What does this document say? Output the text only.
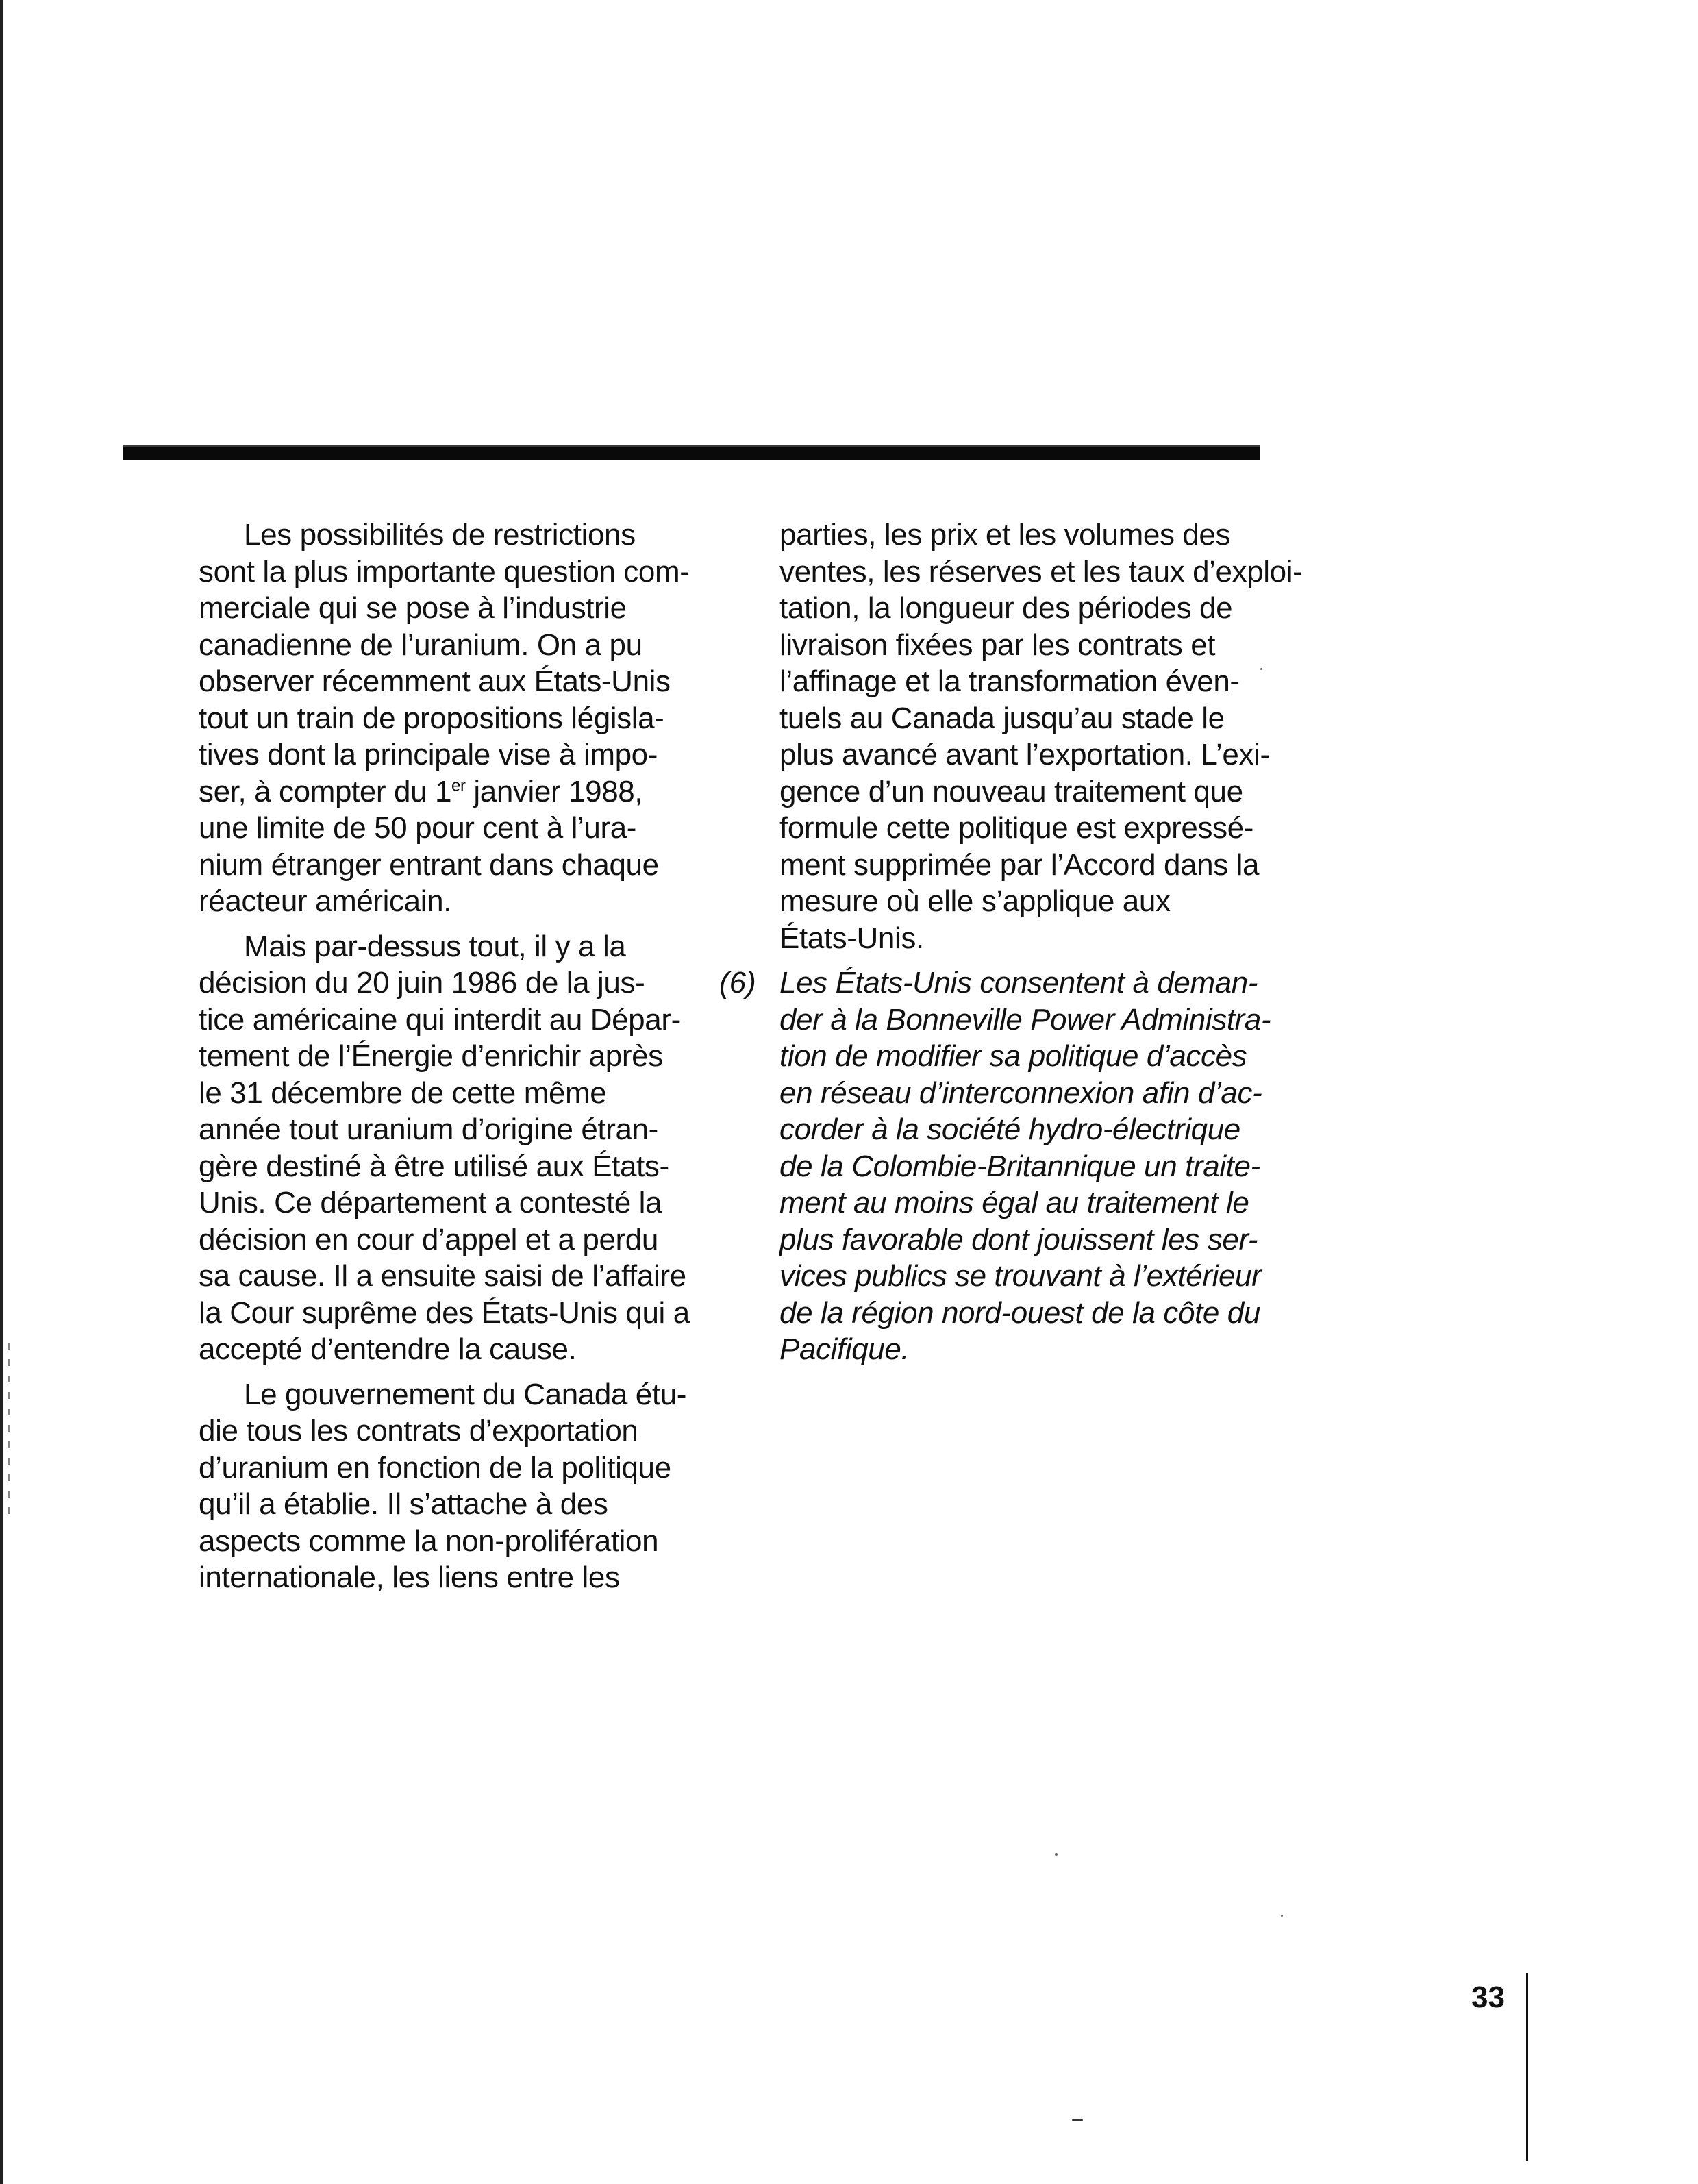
Les possibilités de restrictions
sont la plus importante question com-
merciale qui se pose à l’industrie
canadienne de l’uranium. On a pu
observer récemment aux États-Unis
tout un train de propositions législa-
tives dont la principale vise à impo-
ser, à compter du 1er janvier 1988,
une limite de 50 pour cent à l’ura-
nium étranger entrant dans chaque
réacteur américain.
Mais par-dessus tout, il y a la
décision du 20 juin 1986 de la jus-
tice américaine qui interdit au Dépar-
tement de l’Énergie d’enrichir après
le 31 décembre de cette même
année tout uranium d’origine étran-
gère destiné à être utilisé aux États-
Unis. Ce département a contesté la
décision en cour d’appel et a perdu
sa cause. Il a ensuite saisi de l’affaire
la Cour suprême des États-Unis qui a
accepté d’entendre la cause.
Le gouvernement du Canada étu-
die tous les contrats d’exportation
d’uranium en fonction de la politique
qu’il a établie. Il s’attache à des
aspects comme la non-prolifération
internationale, les liens entre les
parties, les prix et les volumes des
ventes, les réserves et les taux d’exploi-
tation, la longueur des périodes de
livraison fixées par les contrats et
l’affinage et la transformation éven-
tuels au Canada jusqu’au stade le
plus avancé avant l’exportation. L’exi-
gence d’un nouveau traitement que
formule cette politique est expressé-
ment supprimée par l’Accord dans la
mesure où elle s’applique aux
États-Unis.
Les États-Unis consentent à deman-
der à la Bonneville Power Administra-
tion de modifier sa politique d’accès
en réseau d’interconnexion afin d’ac-
corder à la société hydro-électrique
de la Colombie-Britannique un traite-
ment au moins égal au traitement le
plus favorable dont jouissent les ser-
vices publics se trouvant à l’extérieur
de la région nord-ouest de la côte du
Pacifique.
(6)
33
